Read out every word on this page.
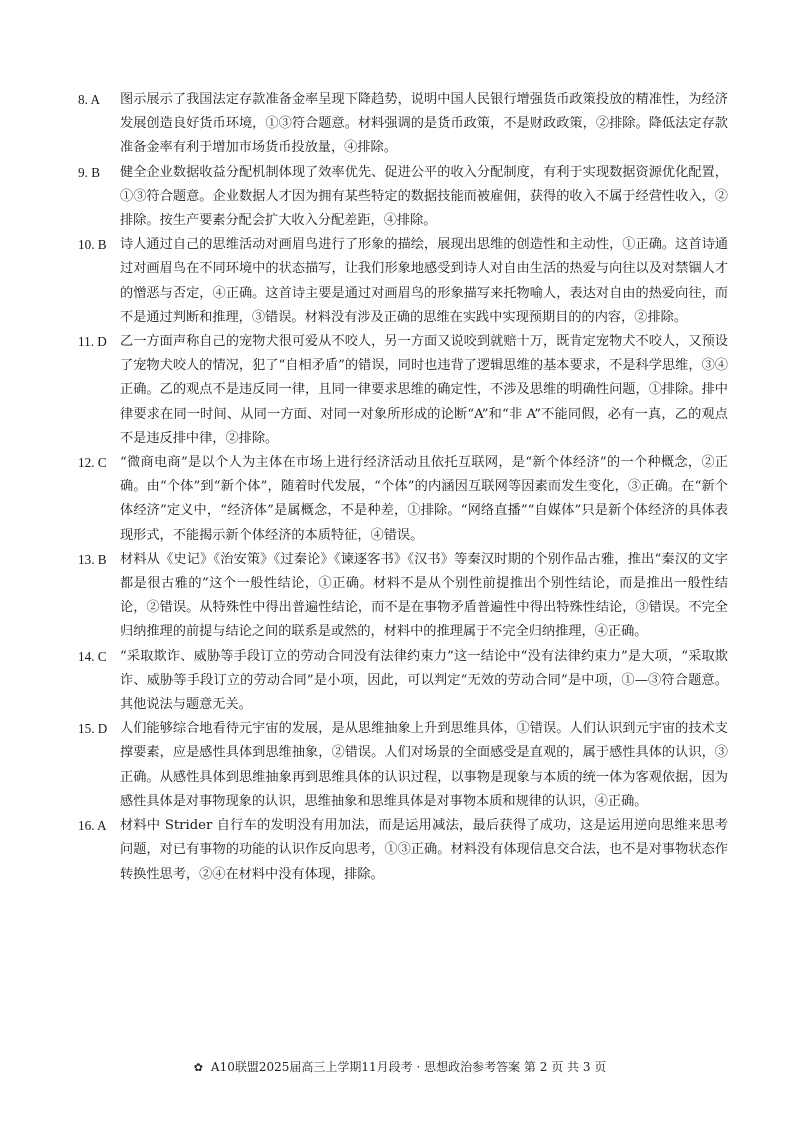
8. A	图示展示了我国法定存款准备金率呈现下降趋势，说明中国人民银行增强货币政策投放的精准性，为经济发展创造良好货币环境，①③符合题意。材料强调的是货币政策，不是财政政策，②排除。降低法定存款准备金率有利于增加市场货币投放量，④排除。
9. B	健全企业数据收益分配机制体现了效率优先、促进公平的收入分配制度，有利于实现数据资源优化配置，①③符合题意。企业数据人才因为拥有某些特定的数据技能而被雇佣，获得的收入不属于经营性收入，②排除。按生产要素分配会扩大收入分配差距，④排除。
10. B	诗人通过自己的思维活动对画眉鸟进行了形象的描绘，展现出思维的创造性和主动性，①正确。这首诗通过对画眉鸟在不同环境中的状态描写，让我们形象地感受到诗人对自由生活的热爱与向往以及对禁锢人才的憎恶与否定，④正确。这首诗主要是通过对画眉鸟的形象描写来托物喻人，表达对自由的热爱向往，而不是通过判断和推理，③错误。材料没有涉及正确的思维在实践中实现预期目的的内容，②排除。
11. D 乙一方面声称自己的宠物犬很可爱从不咬人，另一方面又说咬到就赔十万，既肯定宠物犬不咬人，又预设了宠物犬咬人的情况，犯了“自相矛盾”的错误，同时也违背了逻辑思维的基本要求，不是科学思维，③④正确。乙的观点不是违反同一律，且同一律要求思维的确定性，不涉及思维的明确性问题，①排除。排中律要求在同一时间、从同一方面、对同一对象所形成的论断“A”和“非 A”不能同假，必有一真，乙的观点不是违反排中律，②排除。
12. C	“微商电商”是以个人为主体在市场上进行经济活动且依托互联网，是“新个体经济”的一个种概念，②正确。由“个体”到“新个体”，随着时代发展，“个体”的内涵因互联网等因素而发生变化，③正确。在“新个体经济”定义中，“经济体”是属概念，不是种差，①排除。“网络直播”“自媒体”只是新个体经济的具体表现形式，不能揭示新个体经济的本质特征，④错误。
13. B	材料从《史记》《治安策》《过秦论》《谏逐客书》《汉书》等秦汉时期的个别作品古雅，推出“秦汉的文字都是很古雅的”这个一般性结论，①正确。材料不是从个别性前提推出个别性结论，而是推出一般性结论，②错误。从特殊性中得出普遍性结论，而不是在事物矛盾普遍性中得出特殊性结论，③错误。不完全归纳推理的前提与结论之间的联系是或然的，材料中的推理属于不完全归纳推理，④正确。
14. C	“采取欺诈、威胁等手段订立的劳动合同没有法律约束力”这一结论中“没有法律约束力”是大项，“采取欺诈、威胁等手段订立的劳动合同”是小项，因此，可以判定“无效的劳动合同”是中项，①—③符合题意。其他说法与题意无关。
15. D 人们能够综合地看待元宇宙的发展，是从思维抽象上升到思维具体，①错误。人们认识到元宇宙的技术支撑要素，应是感性具体到思维抽象，②错误。人们对场景的全面感受是直观的，属于感性具体的认识，③正确。从感性具体到思维抽象再到思维具体的认识过程，以事物是现象与本质的统一体为客观依据，因为感性具体是对事物现象的认识，思维抽象和思维具体是对事物本质和规律的认识，④正确。
16. A	材料中 Strider 自行车的发明没有用加法，而是运用减法，最后获得了成功，这是运用逆向思维来思考问题，对已有事物的功能的认识作反向思考，①③正确。材料没有体现信息交合法，也不是对事物状态作转换性思考，②④在材料中没有体现，排除。
✿ A10联盟2025届高三上学期11月段考 · 思想政治参考答案 第 2 页 共 3 页
